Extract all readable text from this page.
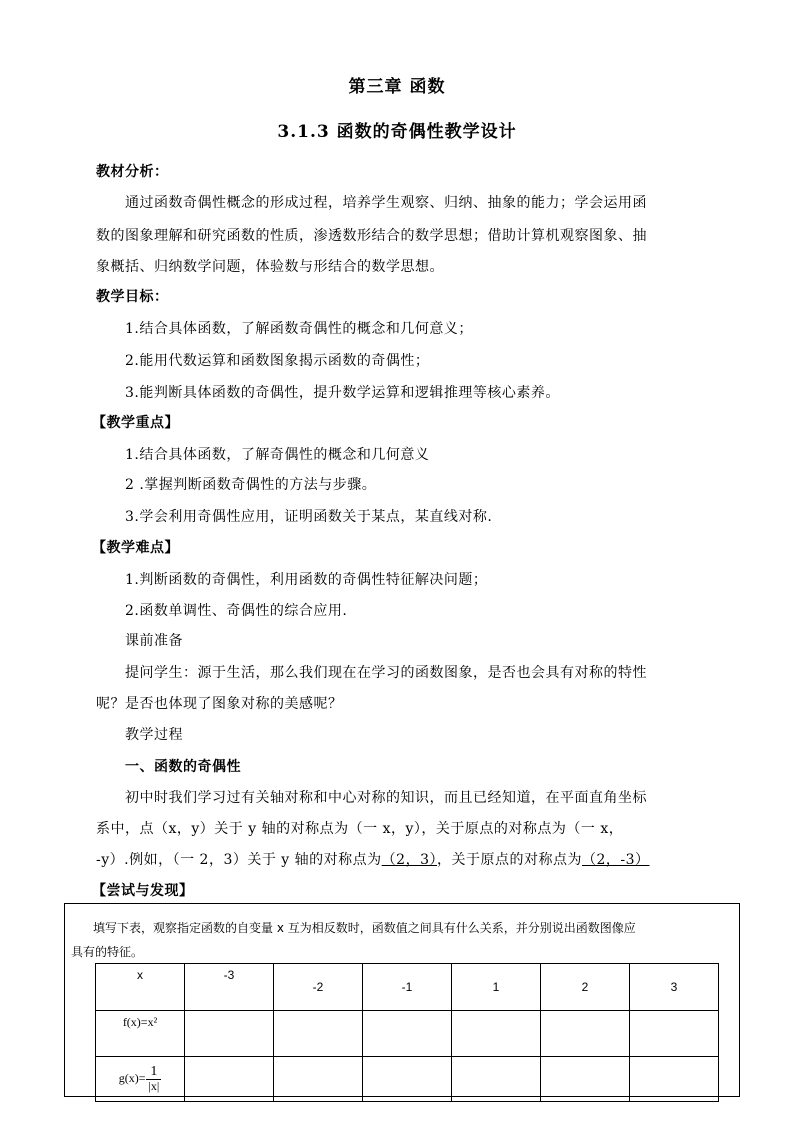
第三章 函数
3.1.3 函数的奇偶性教学设计
教材分析：
通过函数奇偶性概念的形成过程，培养学生观察、归纳、抽象的能力；学会运用函
数的图象理解和研究函数的性质，渗透数形结合的数学思想；借助计算机观察图象、抽
象概括、归纳数学问题，体验数与形结合的数学思想。
教学目标：
1.结合具体函数，了解函数奇偶性的概念和几何意义；
2.能用代数运算和函数图象揭示函数的奇偶性；
3.能判断具体函数的奇偶性，提升数学运算和逻辑推理等核心素养。
【教学重点】
1.结合具体函数，了解奇偶性的概念和几何意义
2 .掌握判断函数奇偶性的方法与步骤。
3.学会利用奇偶性应用，证明函数关于某点，某直线对称.
【教学难点】
1.判断函数的奇偶性，利用函数的奇偶性特征解决问题；
2.函数单调性、奇偶性的综合应用.
课前准备
提问学生：源于生活，那么我们现在在学习的函数图象，是否也会具有对称的特性
呢？是否也体现了图象对称的美感呢？
教学过程
一、函数的奇偶性
初中时我们学习过有关轴对称和中心对称的知识，而且已经知道，在平面直角坐标
系中，点（x，y）关于 y 轴的对称点为（一 x，y），关于原点的对称点为（一 x，
-y）.例如，（一 2，3）关于 y 轴的对称点为（2，3），关于原点的对称点为（2，-3）
【尝试与发现】
填写下表，观察指定函数的自变量 x 互为相反数时，函数值之间具有什么关系，并分别说出函数图像应
具有的特征。
x	-3	-2	-1	1	2	3
f(x)=x²						
$g(x)= \frac{1}{|x|}$
